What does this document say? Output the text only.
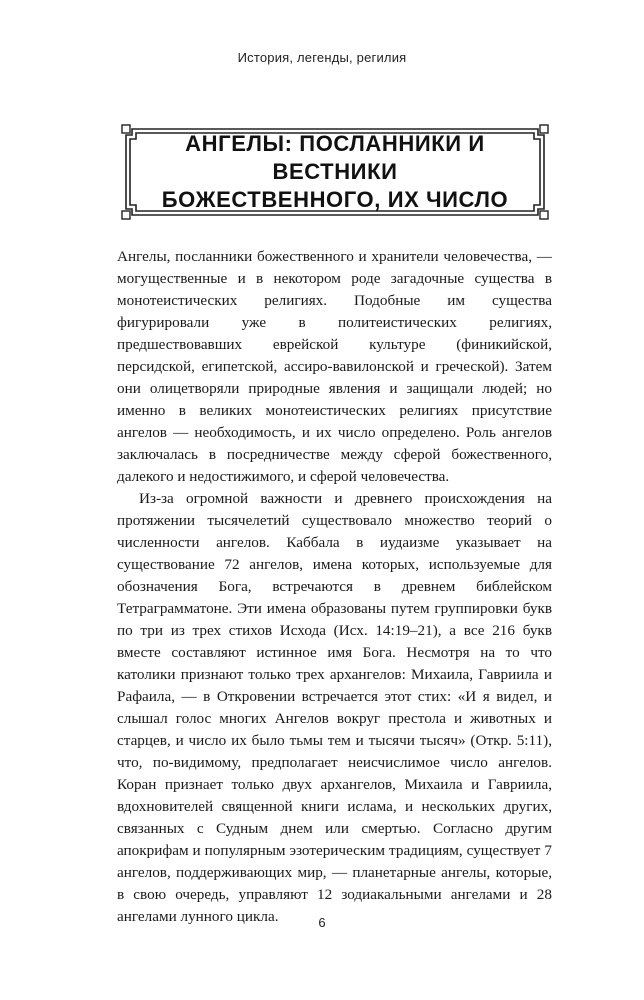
История, легенды, регилия
АНГЕЛЫ: ПОСЛАННИКИ И ВЕСТНИКИ
БОЖЕСТВЕННОГО, ИХ ЧИСЛО

Ангелы, посланники божественного и хранители человечества, — могущественные и в некотором роде загадочные существа в монотеистических религиях. Подобные им существа фигурировали уже в политеистических религиях, предшествовавших еврейской культуре (финикийской, персидской, египетской, ассиро-вавилонской и греческой). Затем они олицетворяли природные явления и защищали людей; но именно в великих монотеистических религиях присутствие ангелов — необходимость, и их число определено. Роль ангелов заключалась в посредничестве между сферой божественного, далекого и недостижимого, и сферой человечества.

Из-за огромной важности и древнего происхождения на протяжении тысячелетий существовало множество теорий о численности ангелов. Каббала в иудаизме указывает на существование 72 ангелов, имена которых, используемые для обозначения Бога, встречаются в древнем библейском Тетраграмматоне. Эти имена образованы путем группировки букв по три из трех стихов Исхода (Исх. 14:19–21), а все 216 букв вместе составляют истинное имя Бога. Несмотря на то что католики признают только трех архангелов: Михаила, Гавриила и Рафаила, — в Откровении встречается этот стих: «И я видел, и слышал голос многих Ангелов вокруг престола и животных и старцев, и число их было тьмы тем и тысячи тысяч» (Откр. 5:11), что, по-видимому, предполагает неисчислимое число ангелов. Коран признает только двух архангелов, Михаила и Гавриила, вдохновителей священной книги ислама, и нескольких других, связанных с Судным днем или смертью. Согласно другим апокрифам и популярным эзотерическим традициям, существует 7 ангелов, поддерживающих мир, — планетарные ангелы, которые, в свою очередь, управляют 12 зодиакальными ангелами и 28 ангелами лунного цикла.	6
